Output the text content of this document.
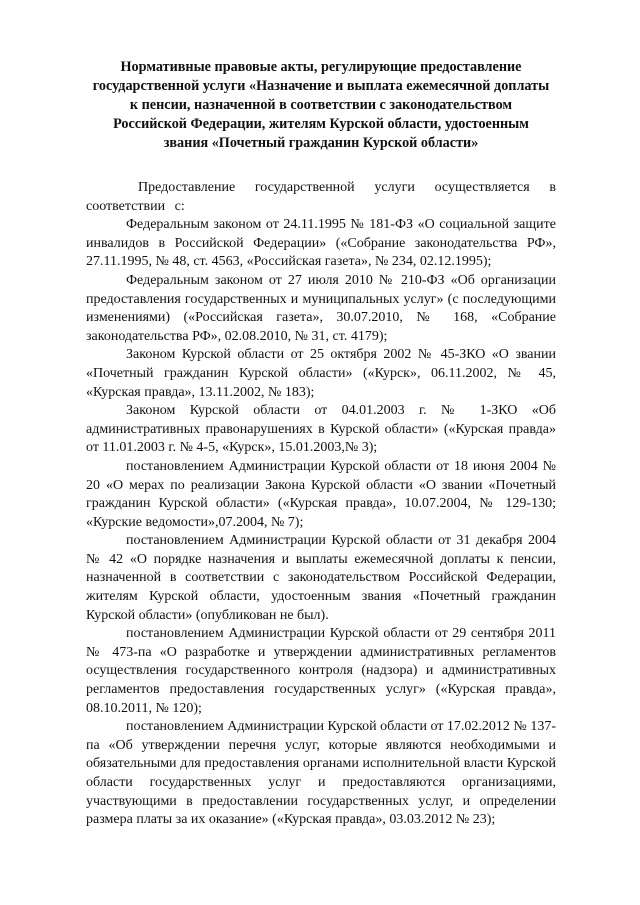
Нормативные правовые акты, регулирующие предоставление государственной услуги «Назначение и выплата ежемесячной доплаты к пенсии, назначенной в соответствии с законодательством Российской Федерации, жителям Курской области, удостоенным звания «Почетный гражданин Курской области»

Предоставление государственной услуги осуществляется в соответствии с:

Федеральным законом от 24.11.1995 № 181-ФЗ «О социальной защите инвалидов в Российской Федерации» («Собрание законодательства РФ», 27.11.1995, № 48, ст. 4563, «Российская газета», № 234, 02.12.1995);

Федеральным законом от 27 июля 2010 № 210-ФЗ «Об организации предоставления государственных и муниципальных услуг» (с последующими изменениями) («Российская газета», 30.07.2010, № 168, «Собрание законодательства РФ», 02.08.2010, № 31, ст. 4179);

Законом Курской области от 25 октября 2002 № 45-ЗКО «О звании «Почетный гражданин Курской области» («Курск», 06.11.2002, № 45, «Курская правда», 13.11.2002, № 183);

Законом Курской области от 04.01.2003 г. № 1-ЗКО «Об административных правонарушениях в Курской области» («Курская правда» от 11.01.2003 г. № 4-5, «Курск», 15.01.2003,№ 3);

постановлением Администрации Курской области от 18 июня 2004 № 20 «О мерах по реализации Закона Курской области «О звании «Почетный гражданин Курской области» («Курская правда», 10.07.2004, № 129-130; «Курские ведомости»,07.2004, № 7);

постановлением Администрации Курской области от 31 декабря 2004 № 42 «О порядке назначения и выплаты ежемесячной доплаты к пенсии, назначенной в соответствии с законодательством Российской Федерации, жителям Курской области, удостоенным звания «Почетный гражданин Курской области» (опубликован не был).

постановлением Администрации Курской области от 29 сентября 2011 № 473-па «О разработке и утверждении административных регламентов осуществления государственного контроля (надзора) и административных регламентов предоставления государственных услуг» («Курская правда», 08.10.2011, № 120);

постановлением Администрации Курской области от 17.02.2012 № 137-па «Об утверждении перечня услуг, которые являются необходимыми и обязательными для предоставления органами исполнительной власти Курской области государственных услуг и предоставляются организациями, участвующими в предоставлении государственных услуг, и определении размера платы за их оказание» («Курская правда», 03.03.2012 № 23);
